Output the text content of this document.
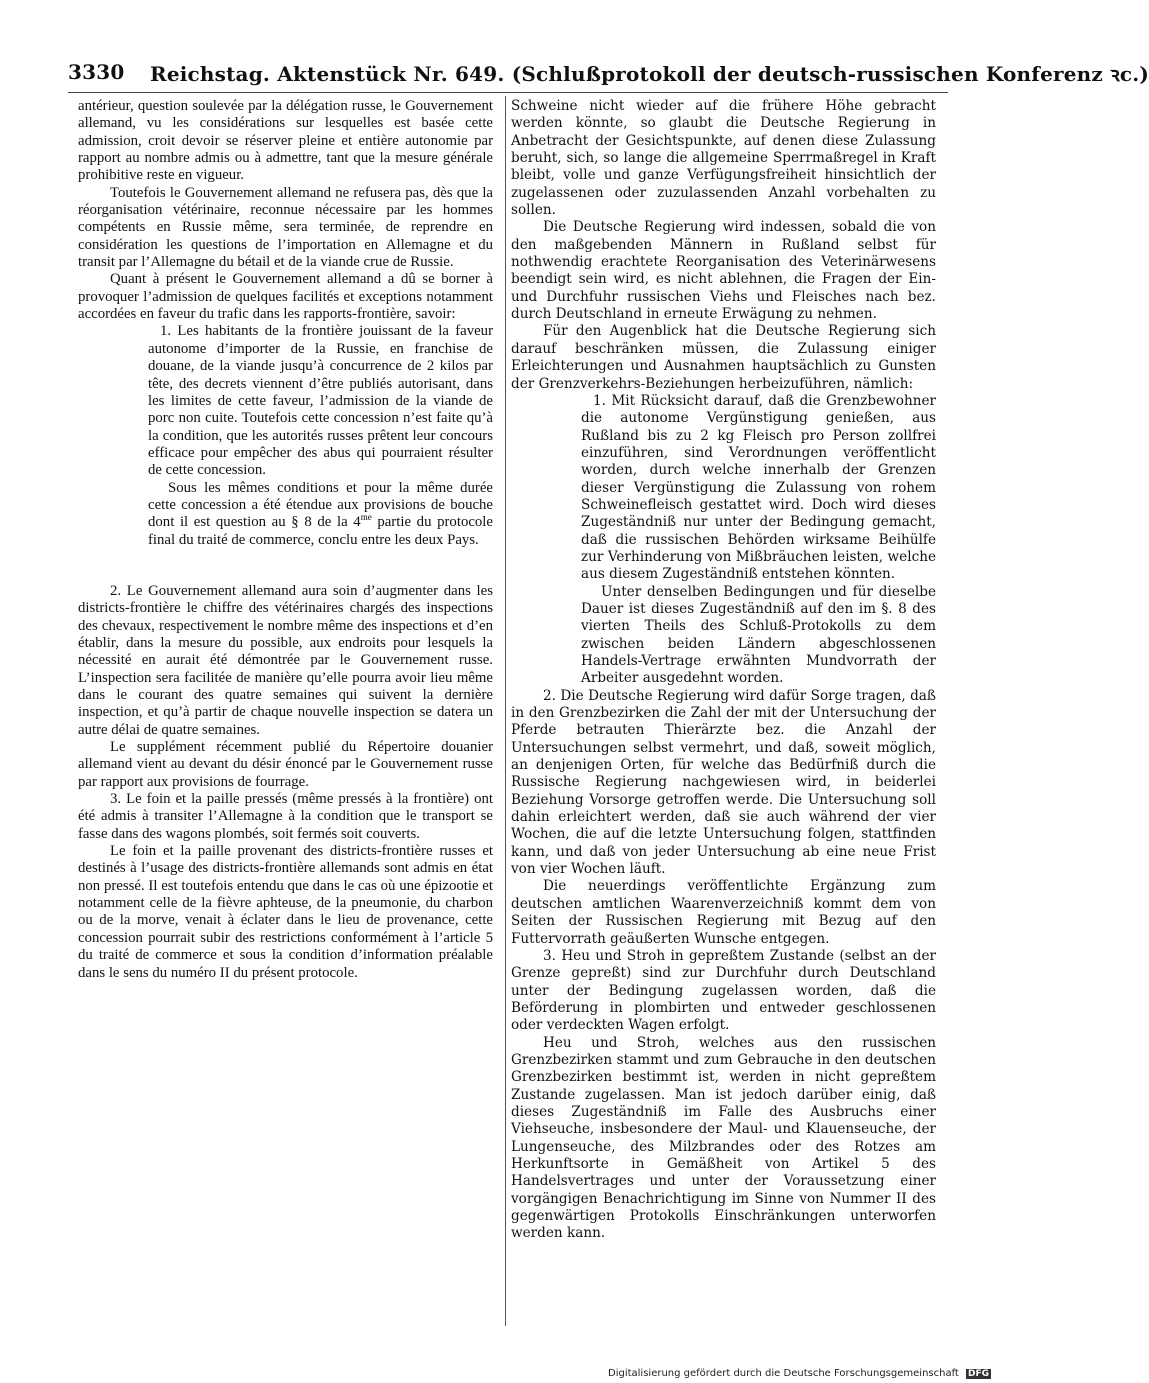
3330 Reichstag. Aktenstück Nr. 649. (Schlußprotokoll der deutsch-russischen Konferenz ꝛc.)

antérieur, question soulevée par la délégation russe, le Gouvernement allemand, vu les considérations sur lesquelles est basée cette admission, croit devoir se réserver pleine et entière autonomie par rapport au nombre admis ou à admettre, tant que la mesure générale prohibitive reste en vigueur.

Toutefois le Gouvernement allemand ne refusera pas, dès que la réorganisation vétérinaire, reconnue nécessaire par les hommes compétents en Russie même, sera terminée, de reprendre en considération les questions de l’importation en Allemagne et du transit par l’Allemagne du bétail et de la viande crue de Russie.

Quant à présent le Gouvernement allemand a dû se borner à provoquer l’admission de quelques facilités et exceptions notamment accordées en faveur du trafic dans les rapports-frontière, savoir:

1. Les habitants de la frontière jouissant de la faveur autonome d’importer de la Russie, en franchise de douane, de la viande jusqu’à concurrence de 2 kilos par tête, des decrets viennent d’être publiés autorisant, dans les limites de cette faveur, l’admission de la viande de porc non cuite. Toutefois cette concession n’est faite qu’à la condition, que les autorités russes prêtent leur concours efficace pour empêcher des abus qui pourraient résulter de cette concession.

Sous les mêmes conditions et pour la même durée cette concession a été étendue aux provisions de bouche dont il est question au § 8 de la $4^{me}$ partie du protocole final du traité de commerce, conclu entre les deux Pays.

2. Le Gouvernement allemand aura soin d’augmenter dans les districts-frontière le chiffre des vétérinaires chargés des inspections des chevaux, respectivement le nombre même des inspections et d’en établir, dans la mesure du possible, aux endroits pour lesquels la nécessité en aurait été démontrée par le Gouvernement russe. L’inspection sera facilitée de manière qu’elle pourra avoir lieu même dans le courant des quatre semaines qui suivent la dernière inspection, et qu’à partir de chaque nouvelle inspection se datera un autre délai de quatre semaines.

Le supplément récemment publié du Répertoire douanier allemand vient au devant du désir énoncé par le Gouvernement russe par rapport aux provisions de fourrage.

3. Le foin et la paille pressés (même pressés à la frontière) ont été admis à transiter l’Allemagne à la condition que le transport se fasse dans des wagons plombés, soit fermés soit couverts.

Le foin et la paille provenant des districts-frontière russes et destinés à l’usage des districts-frontière allemands sont admis en état non pressé. Il est toutefois entendu que dans le cas où une épizootie et notamment celle de la fièvre aphteuse, de la pneumonie, du charbon ou de la morve, venait à éclater dans le lieu de provenance, cette concession pourrait subir des restrictions conformément à l’article 5 du traité de commerce et sous la condition d’information préalable dans le sens du numéro II du présent protocole.

Schweine nicht wieder auf die frühere Höhe gebracht werden könnte, so glaubt die Deutsche Regierung in Anbetracht der Gesichtspunkte, auf denen diese Zulassung beruht, sich, so lange die allgemeine Sperrmaßregel in Kraft bleibt, volle und ganze Verfügungsfreiheit hinsichtlich der zugelassenen oder zuzulassenden Anzahl vorbehalten zu sollen.

Die Deutsche Regierung wird indessen, sobald die von den maßgebenden Männern in Rußland selbst für nothwendig erachtete Reorganisation des Veterinärwesens beendigt sein wird, es nicht ablehnen, die Fragen der Ein- und Durchfuhr russischen Viehs und Fleisches nach bez. durch Deutschland in erneute Erwägung zu nehmen.

Für den Augenblick hat die Deutsche Regierung sich darauf beschränken müssen, die Zulassung einiger Erleichterungen und Ausnahmen hauptsächlich zu Gunsten der Grenzverkehrs-Beziehungen herbeizuführen, nämlich:

1. Mit Rücksicht darauf, daß die Grenzbewohner die autonome Vergünstigung genießen, aus Rußland bis zu 2 kg Fleisch pro Person zollfrei einzuführen, sind Verordnungen veröffentlicht worden, durch welche innerhalb der Grenzen dieser Vergünstigung die Zulassung von rohem Schweinefleisch gestattet wird. Doch wird dieses Zugeständniß nur unter der Bedingung gemacht, daß die russischen Behörden wirksame Beihülfe zur Verhinderung von Mißbräuchen leisten, welche aus diesem Zugeständniß entstehen könnten.

Unter denselben Bedingungen und für dieselbe Dauer ist dieses Zugeständniß auf den im §. 8 des vierten Theils des Schluß-Protokolls zu dem zwischen beiden Ländern abgeschlossenen Handels-Vertrage erwähnten Mundvorrath der Arbeiter ausgedehnt worden.

2. Die Deutsche Regierung wird dafür Sorge tragen, daß in den Grenzbezirken die Zahl der mit der Untersuchung der Pferde betrauten Thierärzte bez. die Anzahl der Untersuchungen selbst vermehrt, und daß, soweit möglich, an denjenigen Orten, für welche das Bedürfniß durch die Russische Regierung nachgewiesen wird, in beiderlei Beziehung Vorsorge getroffen werde. Die Untersuchung soll dahin erleichtert werden, daß sie auch während der vier Wochen, die auf die letzte Untersuchung folgen, stattfinden kann, und daß von jeder Untersuchung ab eine neue Frist von vier Wochen läuft.

Die neuerdings veröffentlichte Ergänzung zum deutschen amtlichen Waarenverzeichniß kommt dem von Seiten der Russischen Regierung mit Bezug auf den Futtervorrath geäußerten Wunsche entgegen.

3. Heu und Stroh in gepreßtem Zustande (selbst an der Grenze gepreßt) sind zur Durchfuhr durch Deutschland unter der Bedingung zugelassen worden, daß die Beförderung in plombirten und entweder geschlossenen oder verdeckten Wagen erfolgt.

Heu und Stroh, welches aus den russischen Grenzbezirken stammt und zum Gebrauche in den deutschen Grenzbezirken bestimmt ist, werden in nicht gepreßtem Zustande zugelassen. Man ist jedoch darüber einig, daß dieses Zugeständniß im Falle des Ausbruchs einer Viehseuche, insbesondere der Maul- und Klauenseuche, der Lungenseuche, des Milzbrandes oder des Rotzes am Herkunftsorte in Gemäßheit von Artikel 5 des Handelsvertrages und unter der Voraussetzung einer vorgängigen Benachrichtigung im Sinne von Nummer II des gegenwärtigen Protokolls Einschränkungen unterworfen werden kann.

Digitalisierung gefördert durch die Deutsche Forschungsgemeinschaft DFG
